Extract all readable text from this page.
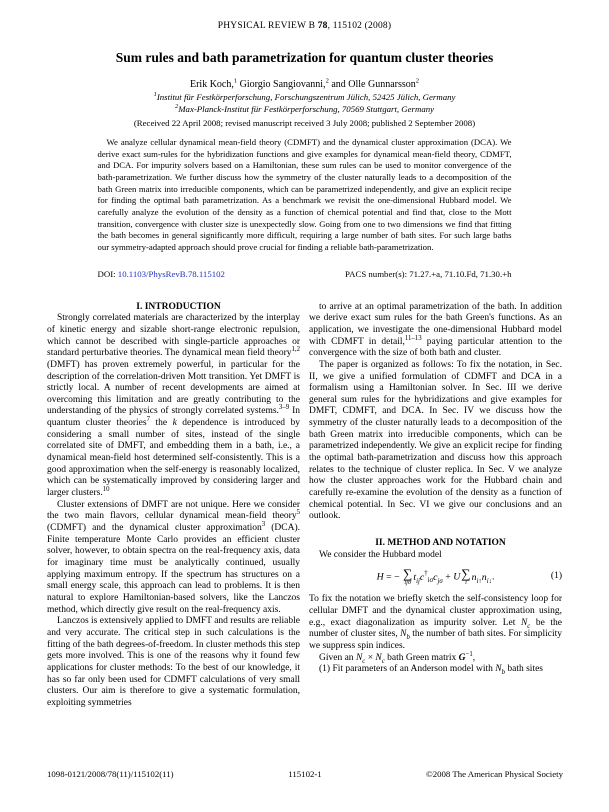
PHYSICAL REVIEW B 78, 115102 (2008)
Sum rules and bath parametrization for quantum cluster theories
Erik Koch,$^1$ Giorgio Sangiovanni,$^2$ and Olle Gunnarsson$^2$
$^1$Institut für Festkörperforschung, Forschungszentrum Jülich, 52425 Jülich, Germany
$^2$Max-Planck-Institut für Festkörperforschung, 70569 Stuttgart, Germany
(Received 22 April 2008; revised manuscript received 3 July 2008; published 2 September 2008)
We analyze cellular dynamical mean-field theory (CDMFT) and the dynamical cluster approximation (DCA). We derive exact sum-rules for the hybridization functions and give examples for dynamical mean-field theory, CDMFT, and DCA. For impurity solvers based on a Hamiltonian, these sum rules can be used to monitor convergence of the bath-parametrization. We further discuss how the symmetry of the cluster naturally leads to a decomposition of the bath Green matrix into irreducible components, which can be parametrized independently, and give an explicit recipe for finding the optimal bath parametrization. As a benchmark we revisit the one-dimensional Hubbard model. We carefully analyze the evolution of the density as a function of chemical potential and find that, close to the Mott transition, convergence with cluster size is unexpectedly slow. Going from one to two dimensions we find that fitting the bath becomes in general significantly more difficult, requiring a large number of bath sites. For such large baths our symmetry-adapted approach should prove crucial for finding a reliable bath-parametrization.
DOI: 10.1103/PhysRevB.78.115102	PACS number(s): 71.27.+a, 71.10.Fd, 71.30.+h

I. INTRODUCTION

Strongly correlated materials are characterized by the interplay of kinetic energy and sizable short-range electronic repulsion, which cannot be described with single-particle approaches or standard perturbative theories. The dynamical mean field theory$^{1,2}$ (DMFT) has proven extremely powerful, in particular for the description of the correlation-driven Mott transition. Yet DMFT is strictly local. A number of recent developments are aimed at overcoming this limitation and are greatly contributing to the understanding of the physics of strongly correlated systems.$^{3-9}$ In quantum cluster theories$^7$ the k dependence is introduced by considering a small number of sites, instead of the single correlated site of DMFT, and embedding them in a bath, i.e., a dynamical mean-field host determined self-consistently. This is a good approximation when the self-energy is reasonably localized, which can be systematically improved by considering larger and larger clusters.$^{10}$

Cluster extensions of DMFT are not unique. Here we consider the two main flavors, cellular dynamical mean-field theory$^5$ (CDMFT) and the dynamical cluster approximation$^3$ (DCA). Finite temperature Monte Carlo provides an efficient cluster solver, however, to obtain spectra on the real-frequency axis, data for imaginary time must be analytically continued, usually applying maximum entropy. If the spectrum has structures on a small energy scale, this approach can lead to problems. It is then natural to explore Hamiltonian-based solvers, like the Lanczos method, which directly give result on the real-frequency axis.

Lanczos is extensively applied to DMFT and results are reliable and very accurate. The critical step in such calculations is the fitting of the bath degrees-of-freedom. In cluster methods this step gets more involved. This is one of the reasons why it found few applications for cluster methods: To the best of our knowledge, it has so far only been used for CDMFT calculations of very small clusters. Our aim is therefore to give a systematic formulation, exploiting symmetries

to arrive at an optimal parametrization of the bath. In addition we derive exact sum rules for the bath Green's functions. As an application, we investigate the one-dimensional Hubbard model with CDMFT in detail,$^{11-13}$ paying particular attention to the convergence with the size of both bath and cluster.

The paper is organized as follows: To fix the notation, in Sec. II, we give a unified formulation of CDMFT and DCA in a formalism using a Hamiltonian solver. In Sec. III we derive general sum rules for the hybridizations and give examples for DMFT, CDMFT, and DCA. In Sec. IV we discuss how the symmetry of the cluster naturally leads to a decomposition of the bath Green matrix into irreducible components, which can be parametrized independently. We give an explicit recipe for finding the optimal bath-parametrization and discuss how this approach relates to the technique of cluster replica. In Sec. V we analyze how the cluster approaches work for the Hubbard chain and carefully re-examine the evolution of the density as a function of chemical potential. In Sec. VI we give our conclusions and an outlook.

II. METHOD AND NOTATION

We consider the Hubbard model

H = − ∑
ijσ
$t_{ij}c^\dagger_{i\sigma}c_{j\sigma} + U$ ∑
i
$n_{i↑}n_{i↓}$.	(1)

To fix the notation we briefly sketch the self-consistency loop for cellular DMFT and the dynamical cluster approximation using, e.g., exact diagonalization as impurity solver. Let $N_c$ be the number of cluster sites, $N_b$ the number of bath sites. For simplicity we suppress spin indices.

Given an $N_c \times N_c$ bath Green matrix $G^{-1}$,

(1) Fit parameters of an Anderson model with $N_b$ bath sites

115102-1
1098-0121/2008/78(11)/115102(11)	©2008 The American Physical Society
